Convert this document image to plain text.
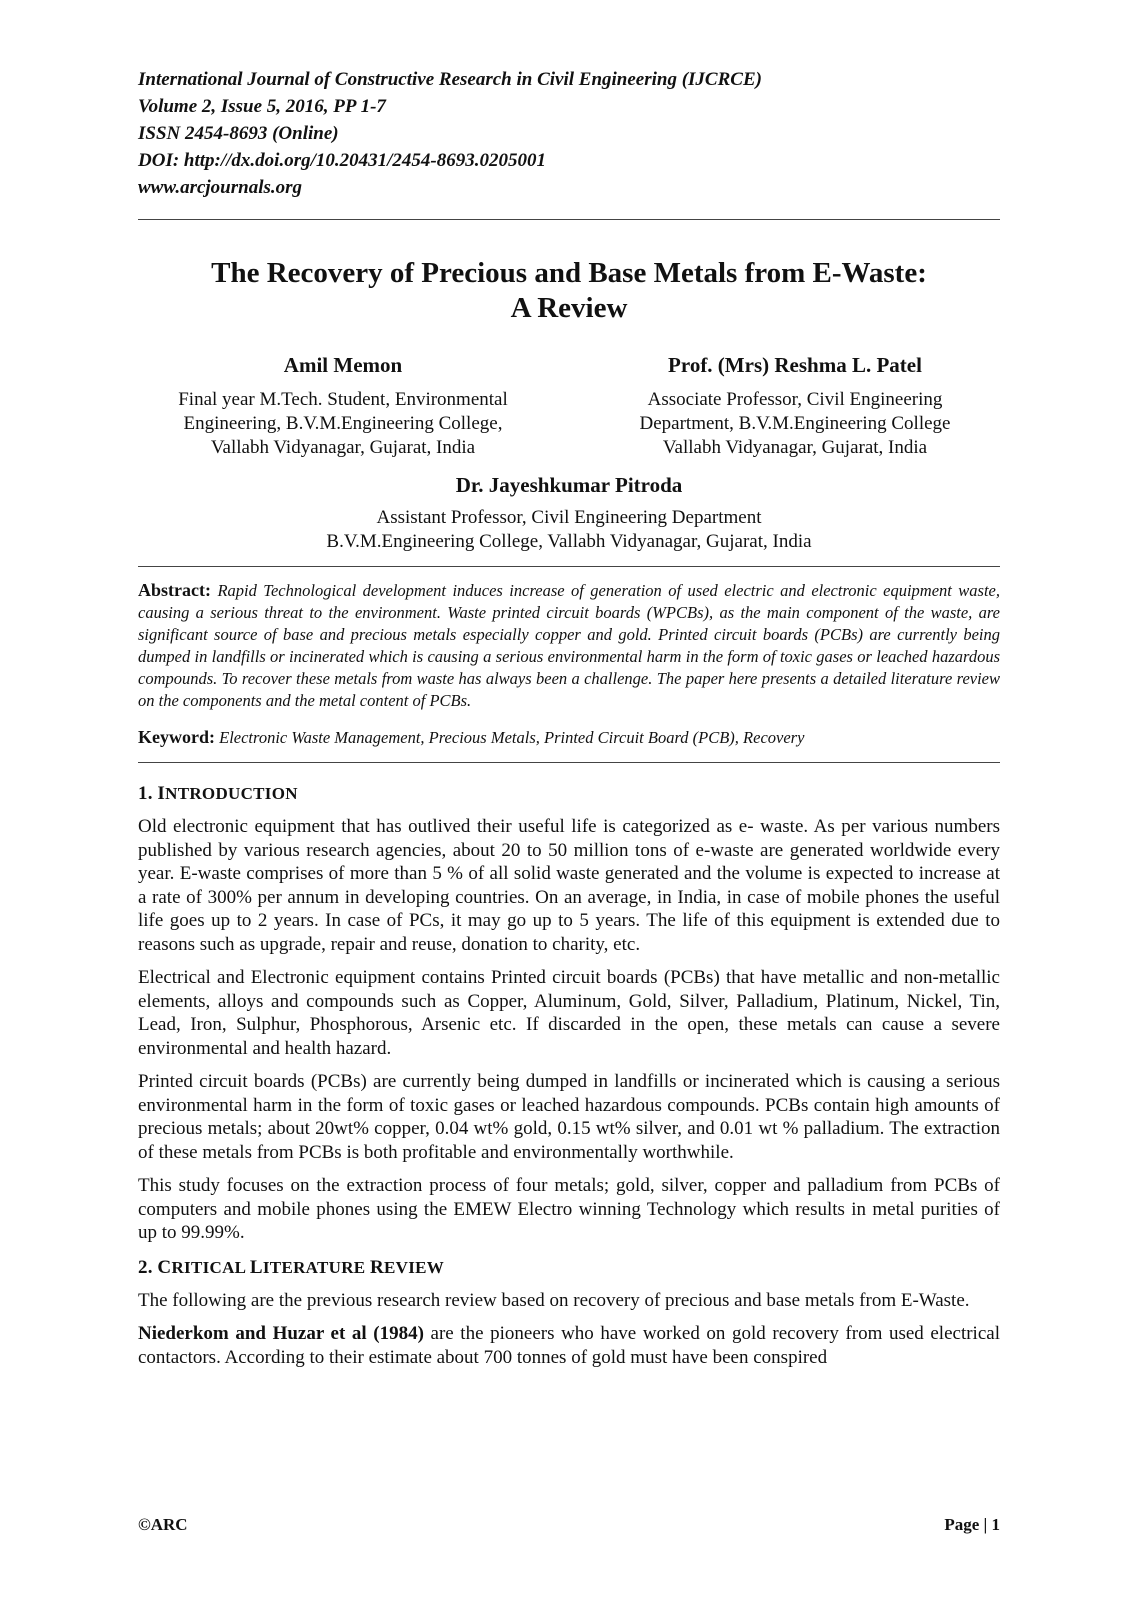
International Journal of Constructive Research in Civil Engineering (IJCRCE)
Volume 2, Issue 5, 2016, PP 1-7
ISSN 2454-8693 (Online)
DOI: http://dx.doi.org/10.20431/2454-8693.0205001
www.arcjournals.org
The Recovery of Precious and Base Metals from E-Waste:
A Review
Amil Memon
Final year M.Tech. Student, Environmental
Engineering, B.V.M.Engineering College,
Vallabh Vidyanagar, Gujarat, India
Prof. (Mrs) Reshma L. Patel
Associate Professor, Civil Engineering
Department, B.V.M.Engineering College
Vallabh Vidyanagar, Gujarat, India
Dr. Jayeshkumar Pitroda
Assistant Professor, Civil Engineering Department
B.V.M.Engineering College, Vallabh Vidyanagar, Gujarat, India
Abstract: Rapid Technological development induces increase of generation of used electric and electronic equipment waste, causing a serious threat to the environment. Waste printed circuit boards (WPCBs), as the main component of the waste, are significant source of base and precious metals especially copper and gold. Printed circuit boards (PCBs) are currently being dumped in landfills or incinerated which is causing a serious environmental harm in the form of toxic gases or leached hazardous compounds. To recover these metals from waste has always been a challenge. The paper here presents a detailed literature review on the components and the metal content of PCBs.
Keyword: Electronic Waste Management, Precious Metals, Printed Circuit Board (PCB), Recovery
1. INTRODUCTION

Old electronic equipment that has outlived their useful life is categorized as e- waste. As per various numbers published by various research agencies, about 20 to 50 million tons of e-waste are generated worldwide every year. E-waste comprises of more than 5 % of all solid waste generated and the volume is expected to increase at a rate of 300% per annum in developing countries. On an average, in India, in case of mobile phones the useful life goes up to 2 years. In case of PCs, it may go up to 5 years. The life of this equipment is extended due to reasons such as upgrade, repair and reuse, donation to charity, etc.

Electrical and Electronic equipment contains Printed circuit boards (PCBs) that have metallic and non-metallic elements, alloys and compounds such as Copper, Aluminum, Gold, Silver, Palladium, Platinum, Nickel, Tin, Lead, Iron, Sulphur, Phosphorous, Arsenic etc. If discarded in the open, these metals can cause a severe environmental and health hazard.

Printed circuit boards (PCBs) are currently being dumped in landfills or incinerated which is causing a serious environmental harm in the form of toxic gases or leached hazardous compounds. PCBs contain high amounts of precious metals; about 20wt% copper, 0.04 wt% gold, 0.15 wt% silver, and 0.01 wt % palladium. The extraction of these metals from PCBs is both profitable and environmentally worthwhile.

This study focuses on the extraction process of four metals; gold, silver, copper and palladium from PCBs of computers and mobile phones using the EMEW Electro winning Technology which results in metal purities of up to 99.99%.

2. CRITICAL LITERATURE REVIEW

The following are the previous research review based on recovery of precious and base metals from E-Waste.

Niederkom and Huzar et al (1984) are the pioneers who have worked on gold recovery from used electrical contactors. According to their estimate about 700 tonnes of gold must have been conspired

©ARC	Page | 1
